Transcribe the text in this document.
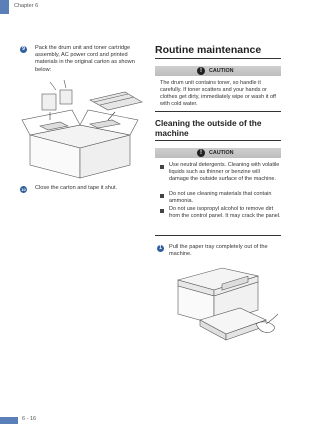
Chapter 6
9	Pack the drum unit and toner cartridge assembly, AC power cord and printed materials in the original carton as shown below:
10 Close the carton and tape it shut.
Routine maintenance
!	CAUTION
The drum unit contains toner, so handle it carefully. If toner scatters and your hands or clothes get dirty, immediately wipe or wash it off with cold water.
Cleaning the outside of the machine
!	CAUTION
Use neutral detergents. Cleaning with volatile liquids such as thinner or benzine will damage the outside surface of the machine.
Do not use cleaning materials that contain ammonia.
Do not use isopropyl alcohol to remove dirt from the control panel. It may crack the panel.
1	Pull the paper tray completely out of the machine.
6 - 16
